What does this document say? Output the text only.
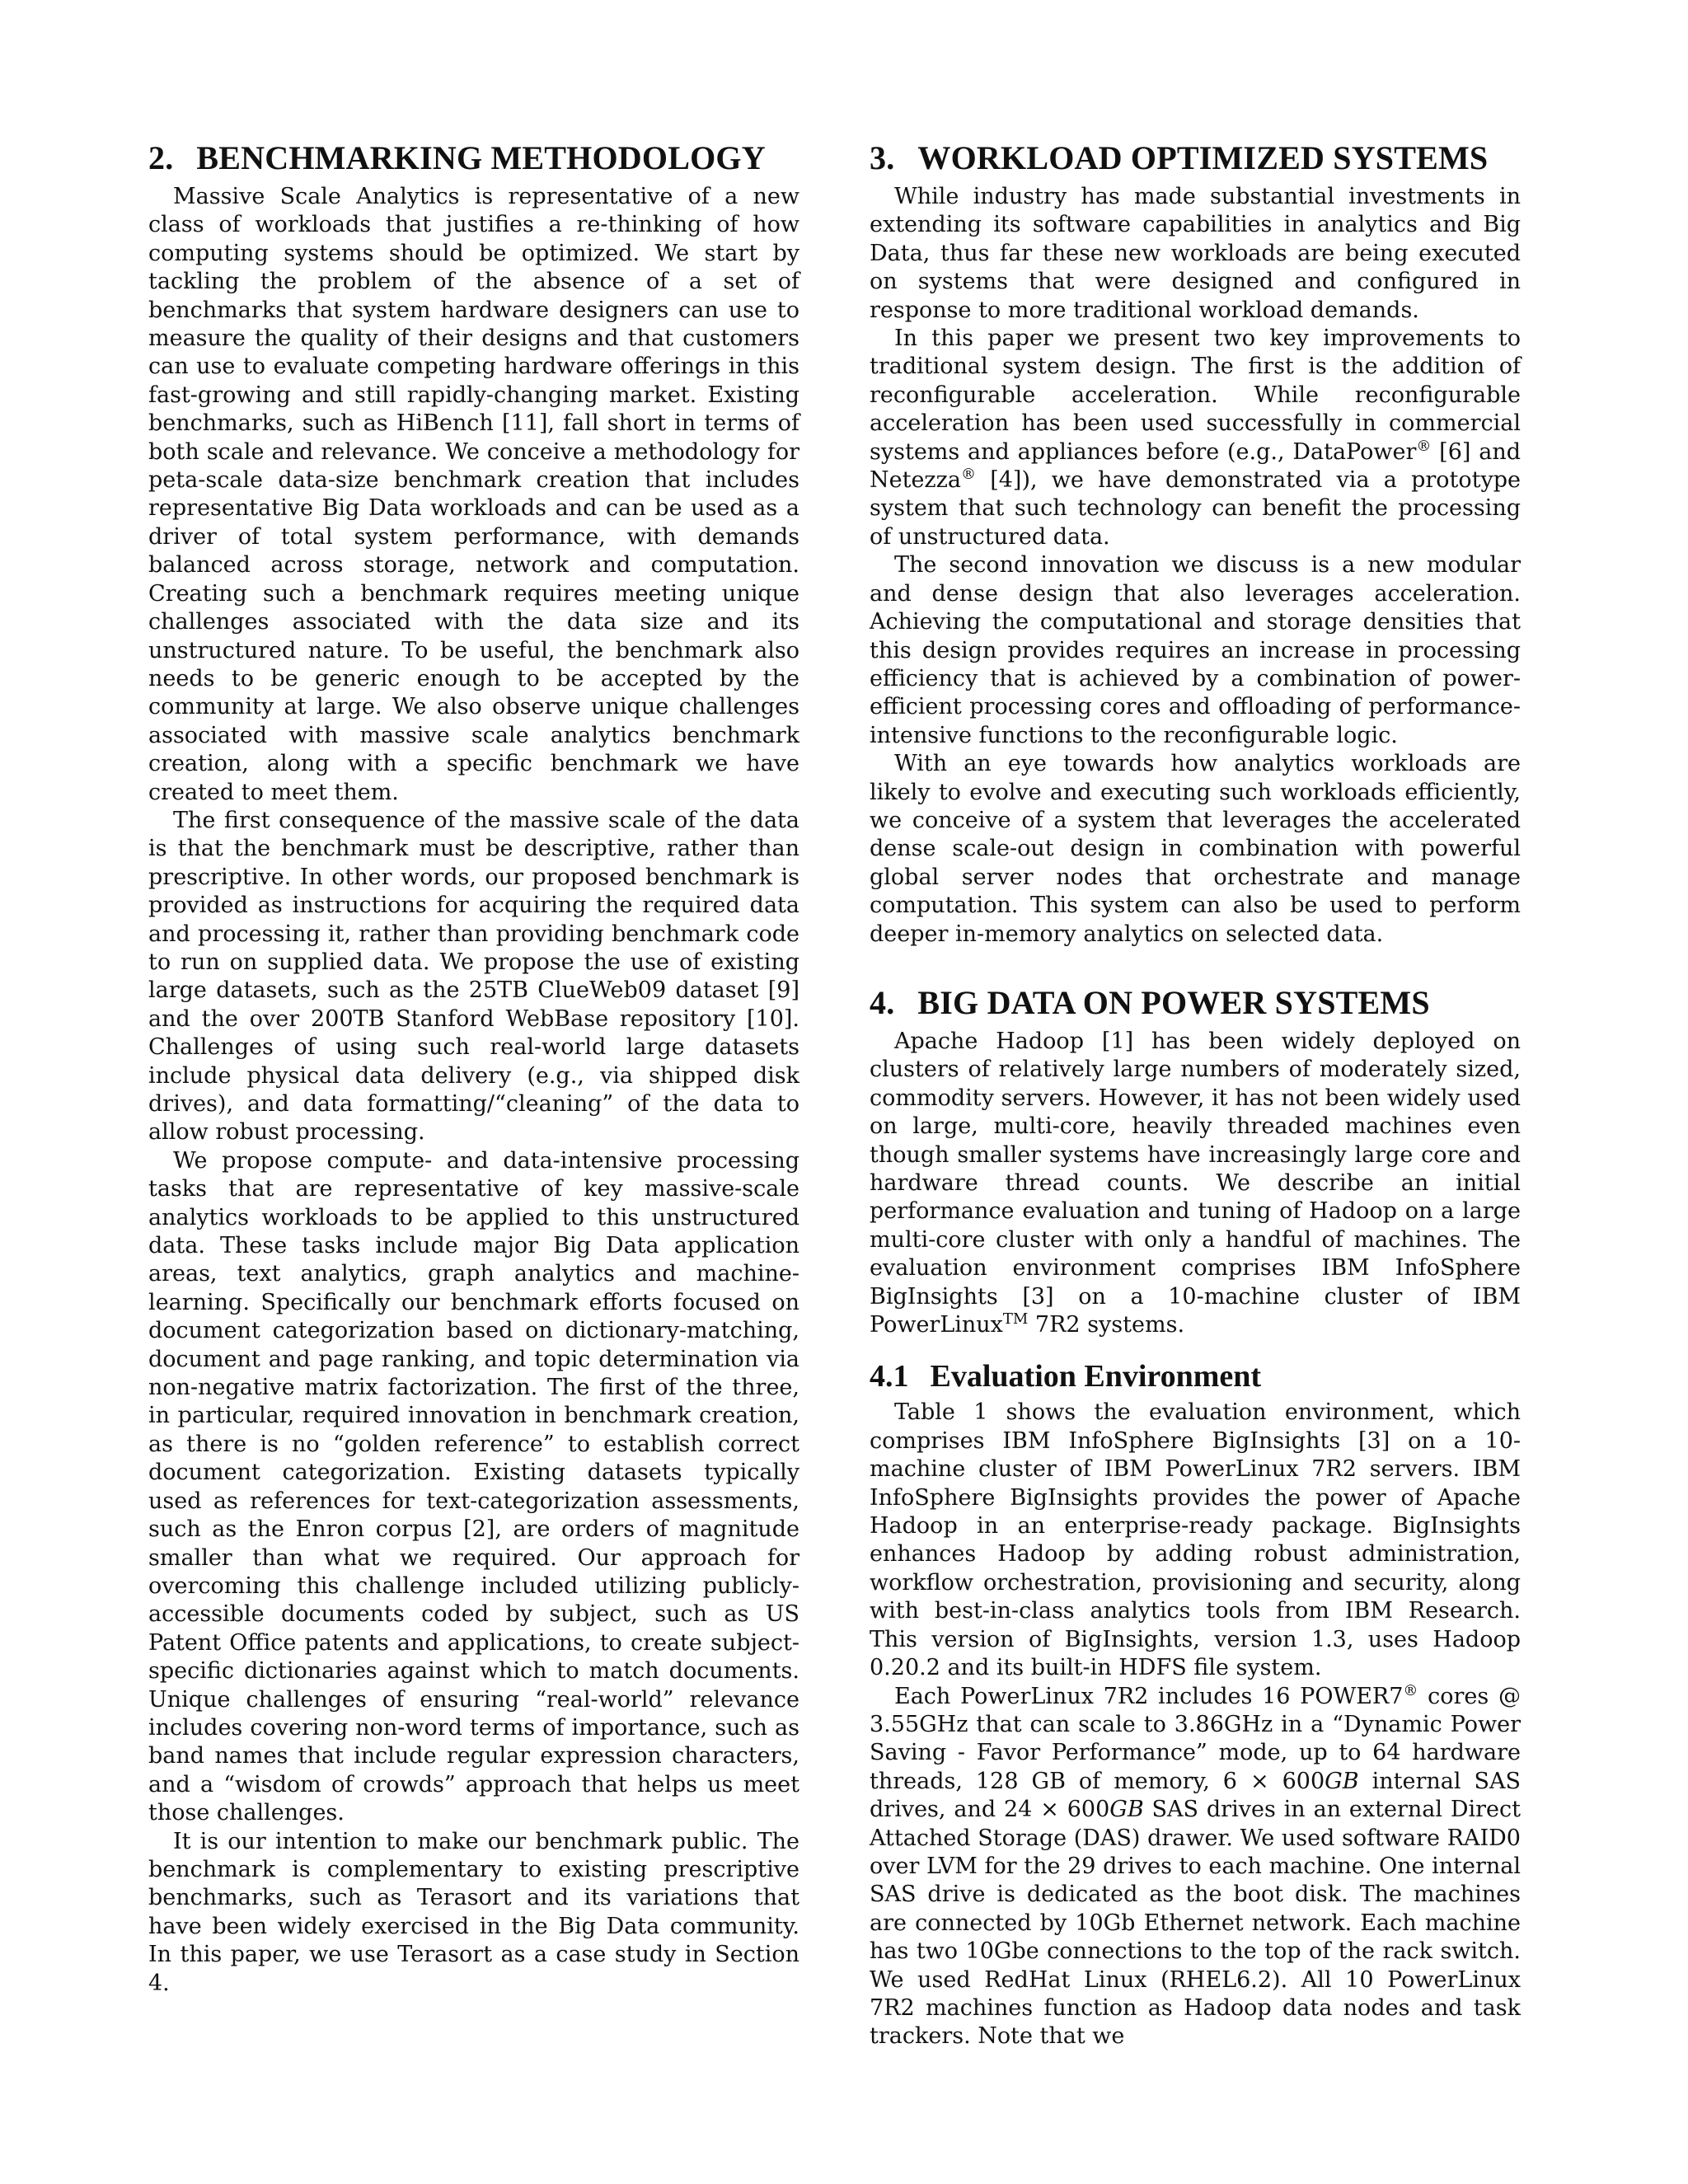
2. BENCHMARKING METHODOLOGY

Massive Scale Analytics is representative of a new class of workloads that justifies a re-thinking of how computing systems should be optimized. We start by tackling the problem of the absence of a set of benchmarks that system hardware designers can use to measure the quality of their designs and that customers can use to evaluate competing hardware offerings in this fast-growing and still rapidly-changing market. Existing benchmarks, such as HiBench [11], fall short in terms of both scale and relevance. We conceive a methodology for peta-scale data-size benchmark creation that includes representative Big Data workloads and can be used as a driver of total system performance, with demands balanced across storage, network and computation. Creating such a benchmark requires meeting unique challenges associated with the data size and its unstructured nature. To be useful, the benchmark also needs to be generic enough to be accepted by the community at large. We also observe unique challenges associated with massive scale analytics benchmark creation, along with a specific benchmark we have created to meet them.

The first consequence of the massive scale of the data is that the benchmark must be descriptive, rather than prescriptive. In other words, our proposed benchmark is provided as instructions for acquiring the required data and processing it, rather than providing benchmark code to run on supplied data. We propose the use of existing large datasets, such as the 25TB ClueWeb09 dataset [9] and the over 200TB Stanford WebBase repository [10]. Challenges of using such real-world large datasets include physical data delivery (e.g., via shipped disk drives), and data formatting/“cleaning” of the data to allow robust processing.

We propose compute- and data-intensive processing tasks that are representative of key massive-scale analytics workloads to be applied to this unstructured data. These tasks include major Big Data application areas, text analytics, graph analytics and machine-learning. Specifically our benchmark efforts focused on document categorization based on dictionary-matching, document and page ranking, and topic determination via non-negative matrix factorization. The first of the three, in particular, required innovation in benchmark creation, as there is no “golden reference” to establish correct document categorization. Existing datasets typically used as references for text-categorization assessments, such as the Enron corpus [2], are orders of magnitude smaller than what we required. Our approach for overcoming this challenge included utilizing publicly-accessible documents coded by subject, such as US Patent Office patents and applications, to create subject-specific dictionaries against which to match documents. Unique challenges of ensuring “real-world” relevance includes covering non-word terms of importance, such as band names that include regular expression characters, and a “wisdom of crowds” approach that helps us meet those challenges.

It is our intention to make our benchmark public. The benchmark is complementary to existing prescriptive benchmarks, such as Terasort and its variations that have been widely exercised in the Big Data community. In this paper, we use Terasort as a case study in Section 4.

3. WORKLOAD OPTIMIZED SYSTEMS

While industry has made substantial investments in extending its software capabilities in analytics and Big Data, thus far these new workloads are being executed on systems that were designed and configured in response to more traditional workload demands.

In this paper we present two key improvements to traditional system design. The first is the addition of reconfigurable acceleration. While reconfigurable acceleration has been used successfully in commercial systems and appliances before (e.g., DataPower® [6] and Netezza® [4]), we have demonstrated via a prototype system that such technology can benefit the processing of unstructured data.

The second innovation we discuss is a new modular and dense design that also leverages acceleration. Achieving the computational and storage densities that this design provides requires an increase in processing efficiency that is achieved by a combination of power-efficient processing cores and offloading of performance-intensive functions to the reconfigurable logic.

With an eye towards how analytics workloads are likely to evolve and executing such workloads efficiently, we conceive of a system that leverages the accelerated dense scale-out design in combination with powerful global server nodes that orchestrate and manage computation. This system can also be used to perform deeper in-memory analytics on selected data.

4. BIG DATA ON POWER SYSTEMS

Apache Hadoop [1] has been widely deployed on clusters of relatively large numbers of moderately sized, commodity servers. However, it has not been widely used on large, multi-core, heavily threaded machines even though smaller systems have increasingly large core and hardware thread counts. We describe an initial performance evaluation and tuning of Hadoop on a large multi-core cluster with only a handful of machines. The evaluation environment comprises IBM InfoSphere BigInsights [3] on a 10-machine cluster of IBM PowerLinux™ 7R2 systems.

4.1 Evaluation Environment

Table 1 shows the evaluation environment, which comprises IBM InfoSphere BigInsights [3] on a 10-machine cluster of IBM PowerLinux 7R2 servers. IBM InfoSphere BigInsights provides the power of Apache Hadoop in an enterprise-ready package. BigInsights enhances Hadoop by adding robust administration, workflow orchestration, provisioning and security, along with best-in-class analytics tools from IBM Research. This version of BigInsights, version 1.3, uses Hadoop 0.20.2 and its built-in HDFS file system.

Each PowerLinux 7R2 includes 16 POWER7® cores @ 3.55GHz that can scale to 3.86GHz in a “Dynamic Power Saving - Favor Performance” mode, up to 64 hardware threads, 128 GB of memory, 6 × 600GB internal SAS drives, and 24 × 600GB SAS drives in an external Direct Attached Storage (DAS) drawer. We used software RAID0 over LVM for the 29 drives to each machine. One internal SAS drive is dedicated as the boot disk. The machines are connected by 10Gb Ethernet network. Each machine has two 10Gbe connections to the top of the rack switch. We used RedHat Linux (RHEL6.2). All 10 PowerLinux 7R2 machines function as Hadoop data nodes and task trackers. Note that we
